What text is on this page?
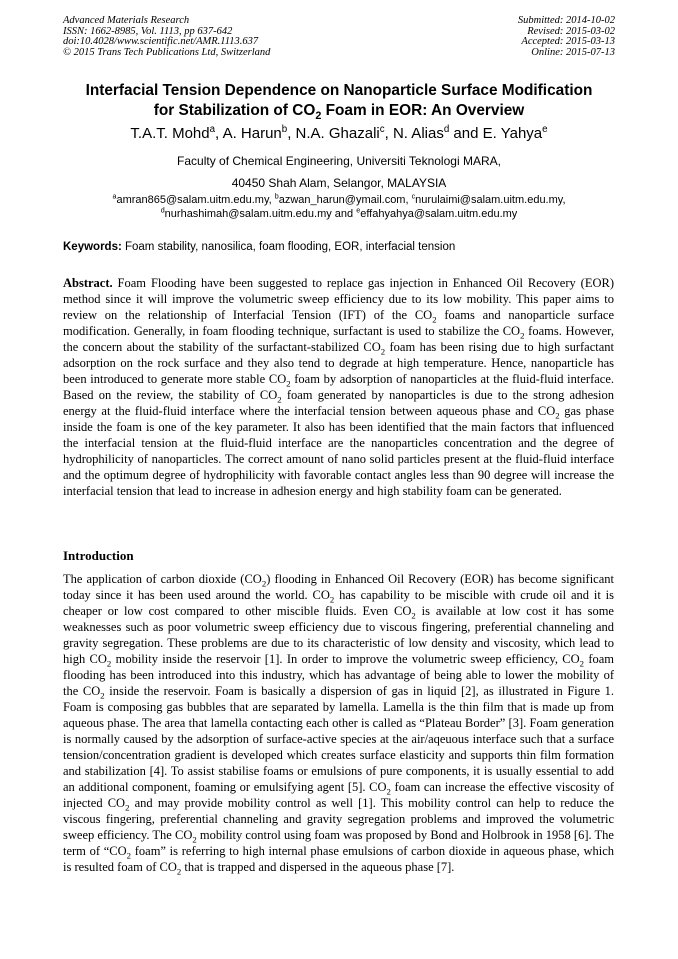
Advanced Materials Research
ISSN: 1662-8985, Vol. 1113, pp 637-642
doi:10.4028/www.scientific.net/AMR.1113.637
© 2015 Trans Tech Publications Ltd, Switzerland
Submitted: 2014-10-02
Revised: 2015-03-02
Accepted: 2015-03-13
Online: 2015-07-13
Interfacial Tension Dependence on Nanoparticle Surface Modification
for Stabilization of $CO_2$ Foam in EOR: An Overview
T.A.T. Mohd$^a$, A. Harun$^b$, N.A. Ghazali$^c$, N. Alias$^d$ and E. Yahya$^e$
Faculty of Chemical Engineering, Universiti Teknologi MARA,
40450 Shah Alam, Selangor, MALAYSIA
$^a$amran865@salam.uitm.edu.my, $^b$azwan_harun@ymail.com, $^c$nurulaimi@salam.uitm.edu.my,
$^d$nurhashimah@salam.uitm.edu.my and $^e$effahyahya@salam.uitm.edu.my
Keywords: Foam stability, nanosilica, foam flooding, EOR, interfacial tension
Abstract. Foam Flooding have been suggested to replace gas injection in Enhanced Oil Recovery (EOR) method since it will improve the volumetric sweep efficiency due to its low mobility. This paper aims to review on the relationship of Interfacial Tension (IFT) of the $CO_2$ foams and nanoparticle surface modification. Generally, in foam flooding technique, surfactant is used to stabilize the $CO_2$ foams. However, the concern about the stability of the surfactant-stabilized $CO_2$ foam has been rising due to high surfactant adsorption on the rock surface and they also tend to degrade at high temperature. Hence, nanoparticle has been introduced to generate more stable $CO_2$ foam by adsorption of nanoparticles at the fluid-fluid interface. Based on the review, the stability of $CO_2$ foam generated by nanoparticles is due to the strong adhesion energy at the fluid-fluid interface where the interfacial tension between aqueous phase and $CO_2$ gas phase inside the foam is one of the key parameter. It also has been identified that the main factors that influenced the interfacial tension at the fluid-fluid interface are the nanoparticles concentration and the degree of hydrophilicity of nanoparticles. The correct amount of nano solid particles present at the fluid-fluid interface and the optimum degree of hydrophilicity with favorable contact angles less than 90 degree will increase the interfacial tension that lead to increase in adhesion energy and high stability foam can be generated.
Introduction
The application of carbon dioxide $(CO_2)$ flooding in Enhanced Oil Recovery (EOR) has become significant today since it has been used around the world. $CO_2$ has capability to be miscible with crude oil and it is cheaper or low cost compared to other miscible fluids. Even $CO_2$ is available at low cost it has some weaknesses such as poor volumetric sweep efficiency due to viscous fingering, preferential channeling and gravity segregation. These problems are due to its characteristic of low density and viscosity, which lead to high $CO_2$ mobility inside the reservoir [1]. In order to improve the volumetric sweep efficiency, $CO_2$ foam flooding has been introduced into this industry, which has advantage of being able to lower the mobility of the $CO_2$ inside the reservoir. Foam is basically a dispersion of gas in liquid [2], as illustrated in Figure 1. Foam is composing gas bubbles that are separated by lamella. Lamella is the thin film that is made up from aqueous phase. The area that lamella contacting each other is called as “Plateau Border” [3]. Foam generation is normally caused by the adsorption of surface-active species at the air/aqeuous interface such that a surface tension/concentration gradient is developed which creates surface elasticity and supports thin film formation and stabilization [4]. To assist stabilise foams or emulsions of pure components, it is usually essential to add an additional component, foaming or emulsifying agent [5]. $CO_2$ foam can increase the effective viscosity of injected $CO_2$ and may provide mobility control as well [1]. This mobility control can help to reduce the viscous fingering, preferential channeling and gravity segregation problems and improved the volumetric sweep efficiency. The $CO_2$ mobility control using foam was proposed by Bond and Holbrook in 1958 [6]. The term of “$CO_2$ foam” is referring to high internal phase emulsions of carbon dioxide in aqueous phase, which is resulted foam of $CO_2$ that is trapped and dispersed in the aqueous phase [7].
